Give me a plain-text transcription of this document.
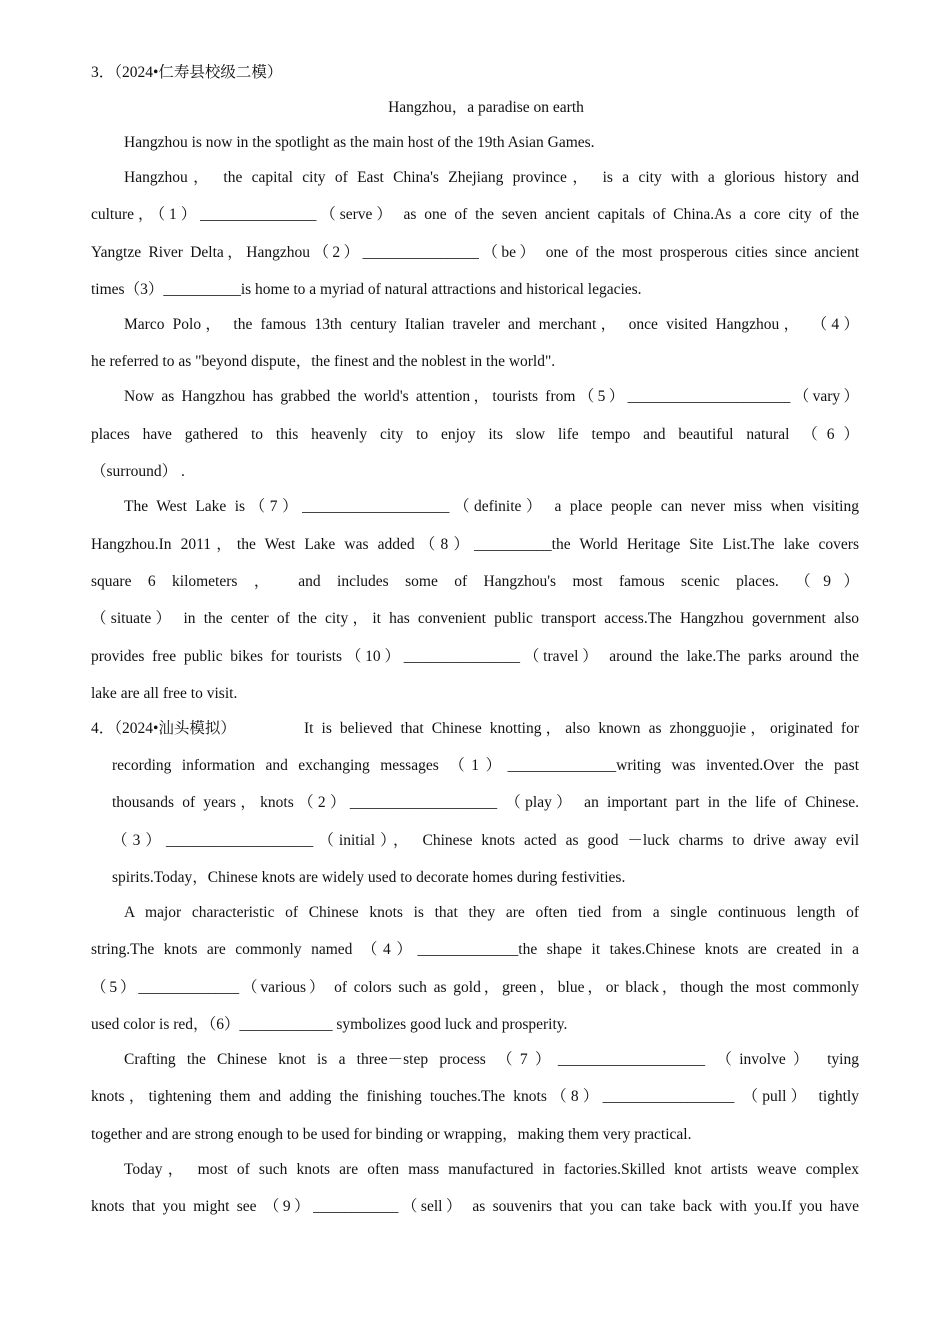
3．（2024•仁寿县校级二模）
Hangzhou，a paradise on earth
Hangzhou is now in the spotlight as the main host of the 19th Asian Games.
Hangzhou， the capital city of East China's Zhejiang province， is a city with a glorious history and
culture，（1）_______________（serve） as one of the seven ancient capitals of China.As a core city of the
Yangtze River Delta，Hangzhou（2）_______________（be） one of the most prosperous cities since ancient
times（3）__________is home to a myriad of natural attractions and historical legacies.
Marco Polo， the famous 13th century Italian traveler and merchant， once visited Hangzhou， （4）
he referred to as "beyond dispute，the finest and the noblest in the world".
Now as Hangzhou has grabbed the world's attention，tourists from（5）_____________________（vary）
places have gathered to this heavenly city to enjoy its slow life tempo and beautiful natural （6）
（surround） .
The West Lake is（7）___________________（definite） a place people can never miss when visiting
Hangzhou.In 2011，the West Lake was added（8）__________the World Heritage Site List.The lake covers
square 6 kilometers ， and includes some of Hangzhou's most famous scenic places. （9）
（situate） in the center of the city，it has convenient public transport access.The Hangzhou government also
provides free public bikes for tourists（10）_______________（travel） around the lake.The parks around the
lake are all free to visit.
4．（2024•汕头模拟）	It is believed that Chinese knotting，also known as zhongguojie，originated for
recording information and exchanging messages （1）______________writing was invented.Over the past
thousands of years，knots（2）___________________ （play） an important part in the life of Chinese.
（3）___________________（initial）， Chinese knots acted as good －luck charms to drive away evil
spirits.Today，Chinese knots are widely used to decorate homes during festivities.
A major characteristic of Chinese knots is that they are often tied from a single continuous length of
string.The knots are commonly named （4）_____________the shape it takes.Chinese knots are created in a
（5）_____________（various） of colors such as gold，green，blue，or black，though the most commonly
used color is red，（6）____________ symbolizes good luck and prosperity.
Crafting the Chinese knot is a three－step process （7）___________________ （involve） tying
knots，tightening them and adding the finishing touches.The knots（8）_________________ （pull） tightly
together and are strong enough to be used for binding or wrapping，making them very practical.
Today， most of such knots are often mass manufactured in factories.Skilled knot artists weave complex
knots that you might see （9）___________（sell） as souvenirs that you can take back with you.If you have
